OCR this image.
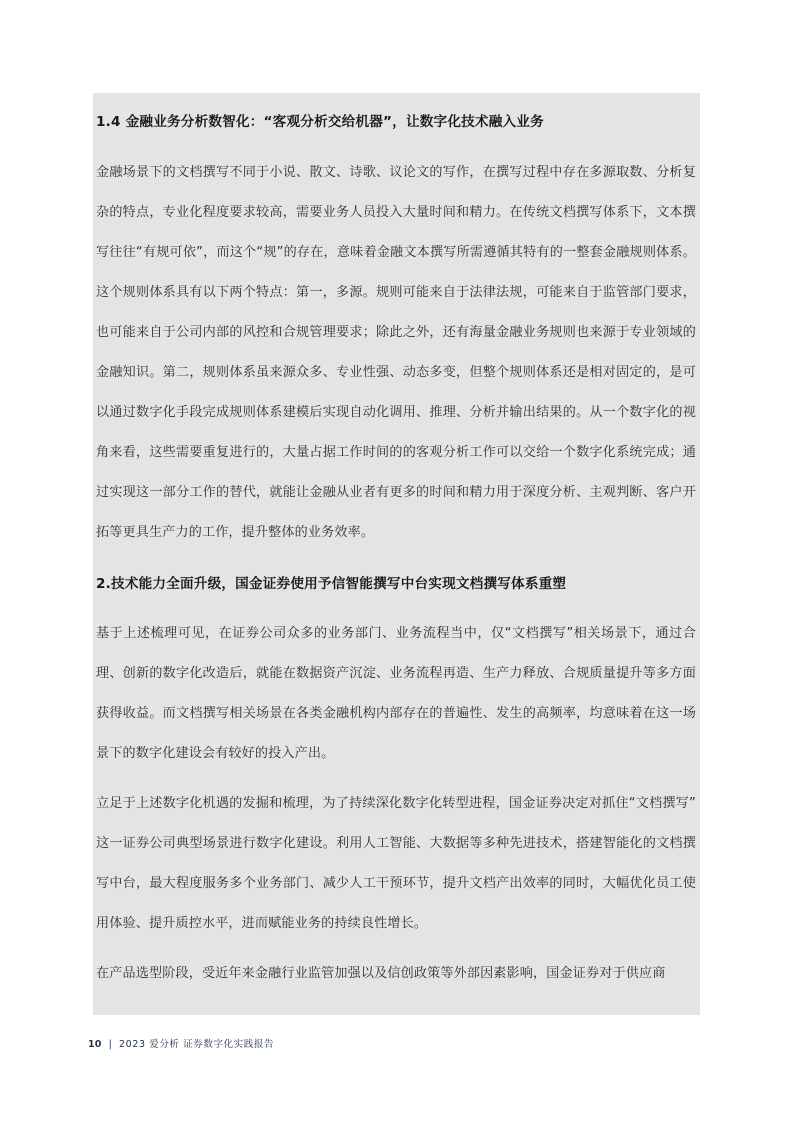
1.4 金融业务分析数智化：“客观分析交给机器”，让数字化技术融入业务

金融场景下的文档撰写不同于小说、散文、诗歌、议论文的写作，在撰写过程中存在多源取数、分析复杂的特点，专业化程度要求较高，需要业务人员投入大量时间和精力。在传统文档撰写体系下，文本撰写往往“有规可依”，而这个“规”的存在，意味着金融文本撰写所需遵循其特有的一整套金融规则体系。这个规则体系具有以下两个特点：第一，多源。规则可能来自于法律法规，可能来自于监管部门要求，也可能来自于公司内部的风控和合规管理要求；除此之外，还有海量金融业务规则也来源于专业领域的金融知识。第二，规则体系虽来源众多、专业性强、动态多变，但整个规则体系还是相对固定的，是可以通过数字化手段完成规则体系建模后实现自动化调用、推理、分析并输出结果的。从一个数字化的视角来看，这些需要重复进行的，大量占据工作时间的的客观分析工作可以交给一个数字化系统完成；通过实现这一部分工作的替代，就能让金融从业者有更多的时间和精力用于深度分析、主观判断、客户开拓等更具生产力的工作，提升整体的业务效率。

2.技术能力全面升级，国金证券使用予信智能撰写中台实现文档撰写体系重塑

基于上述梳理可见，在证券公司众多的业务部门、业务流程当中，仅“文档撰写”相关场景下，通过合理、创新的数字化改造后，就能在数据资产沉淀、业务流程再造、生产力释放、合规质量提升等多方面获得收益。而文档撰写相关场景在各类金融机构内部存在的普遍性、发生的高频率，均意味着在这一场景下的数字化建设会有较好的投入产出。

立足于上述数字化机遇的发掘和梳理，为了持续深化数字化转型进程，国金证券决定对抓住“文档撰写”这一证券公司典型场景进行数字化建设。利用人工智能、大数据等多种先进技术，搭建智能化的文档撰写中台，最大程度服务多个业务部门、减少人工干预环节，提升文档产出效率的同时，大幅优化员工使用体验、提升质控水平，进而赋能业务的持续良性增长。

在产品选型阶段，受近年来金融行业监管加强以及信创政策等外部因素影响，国金证券对于供应商

10 | 2023 爱分析 证券数字化实践报告
